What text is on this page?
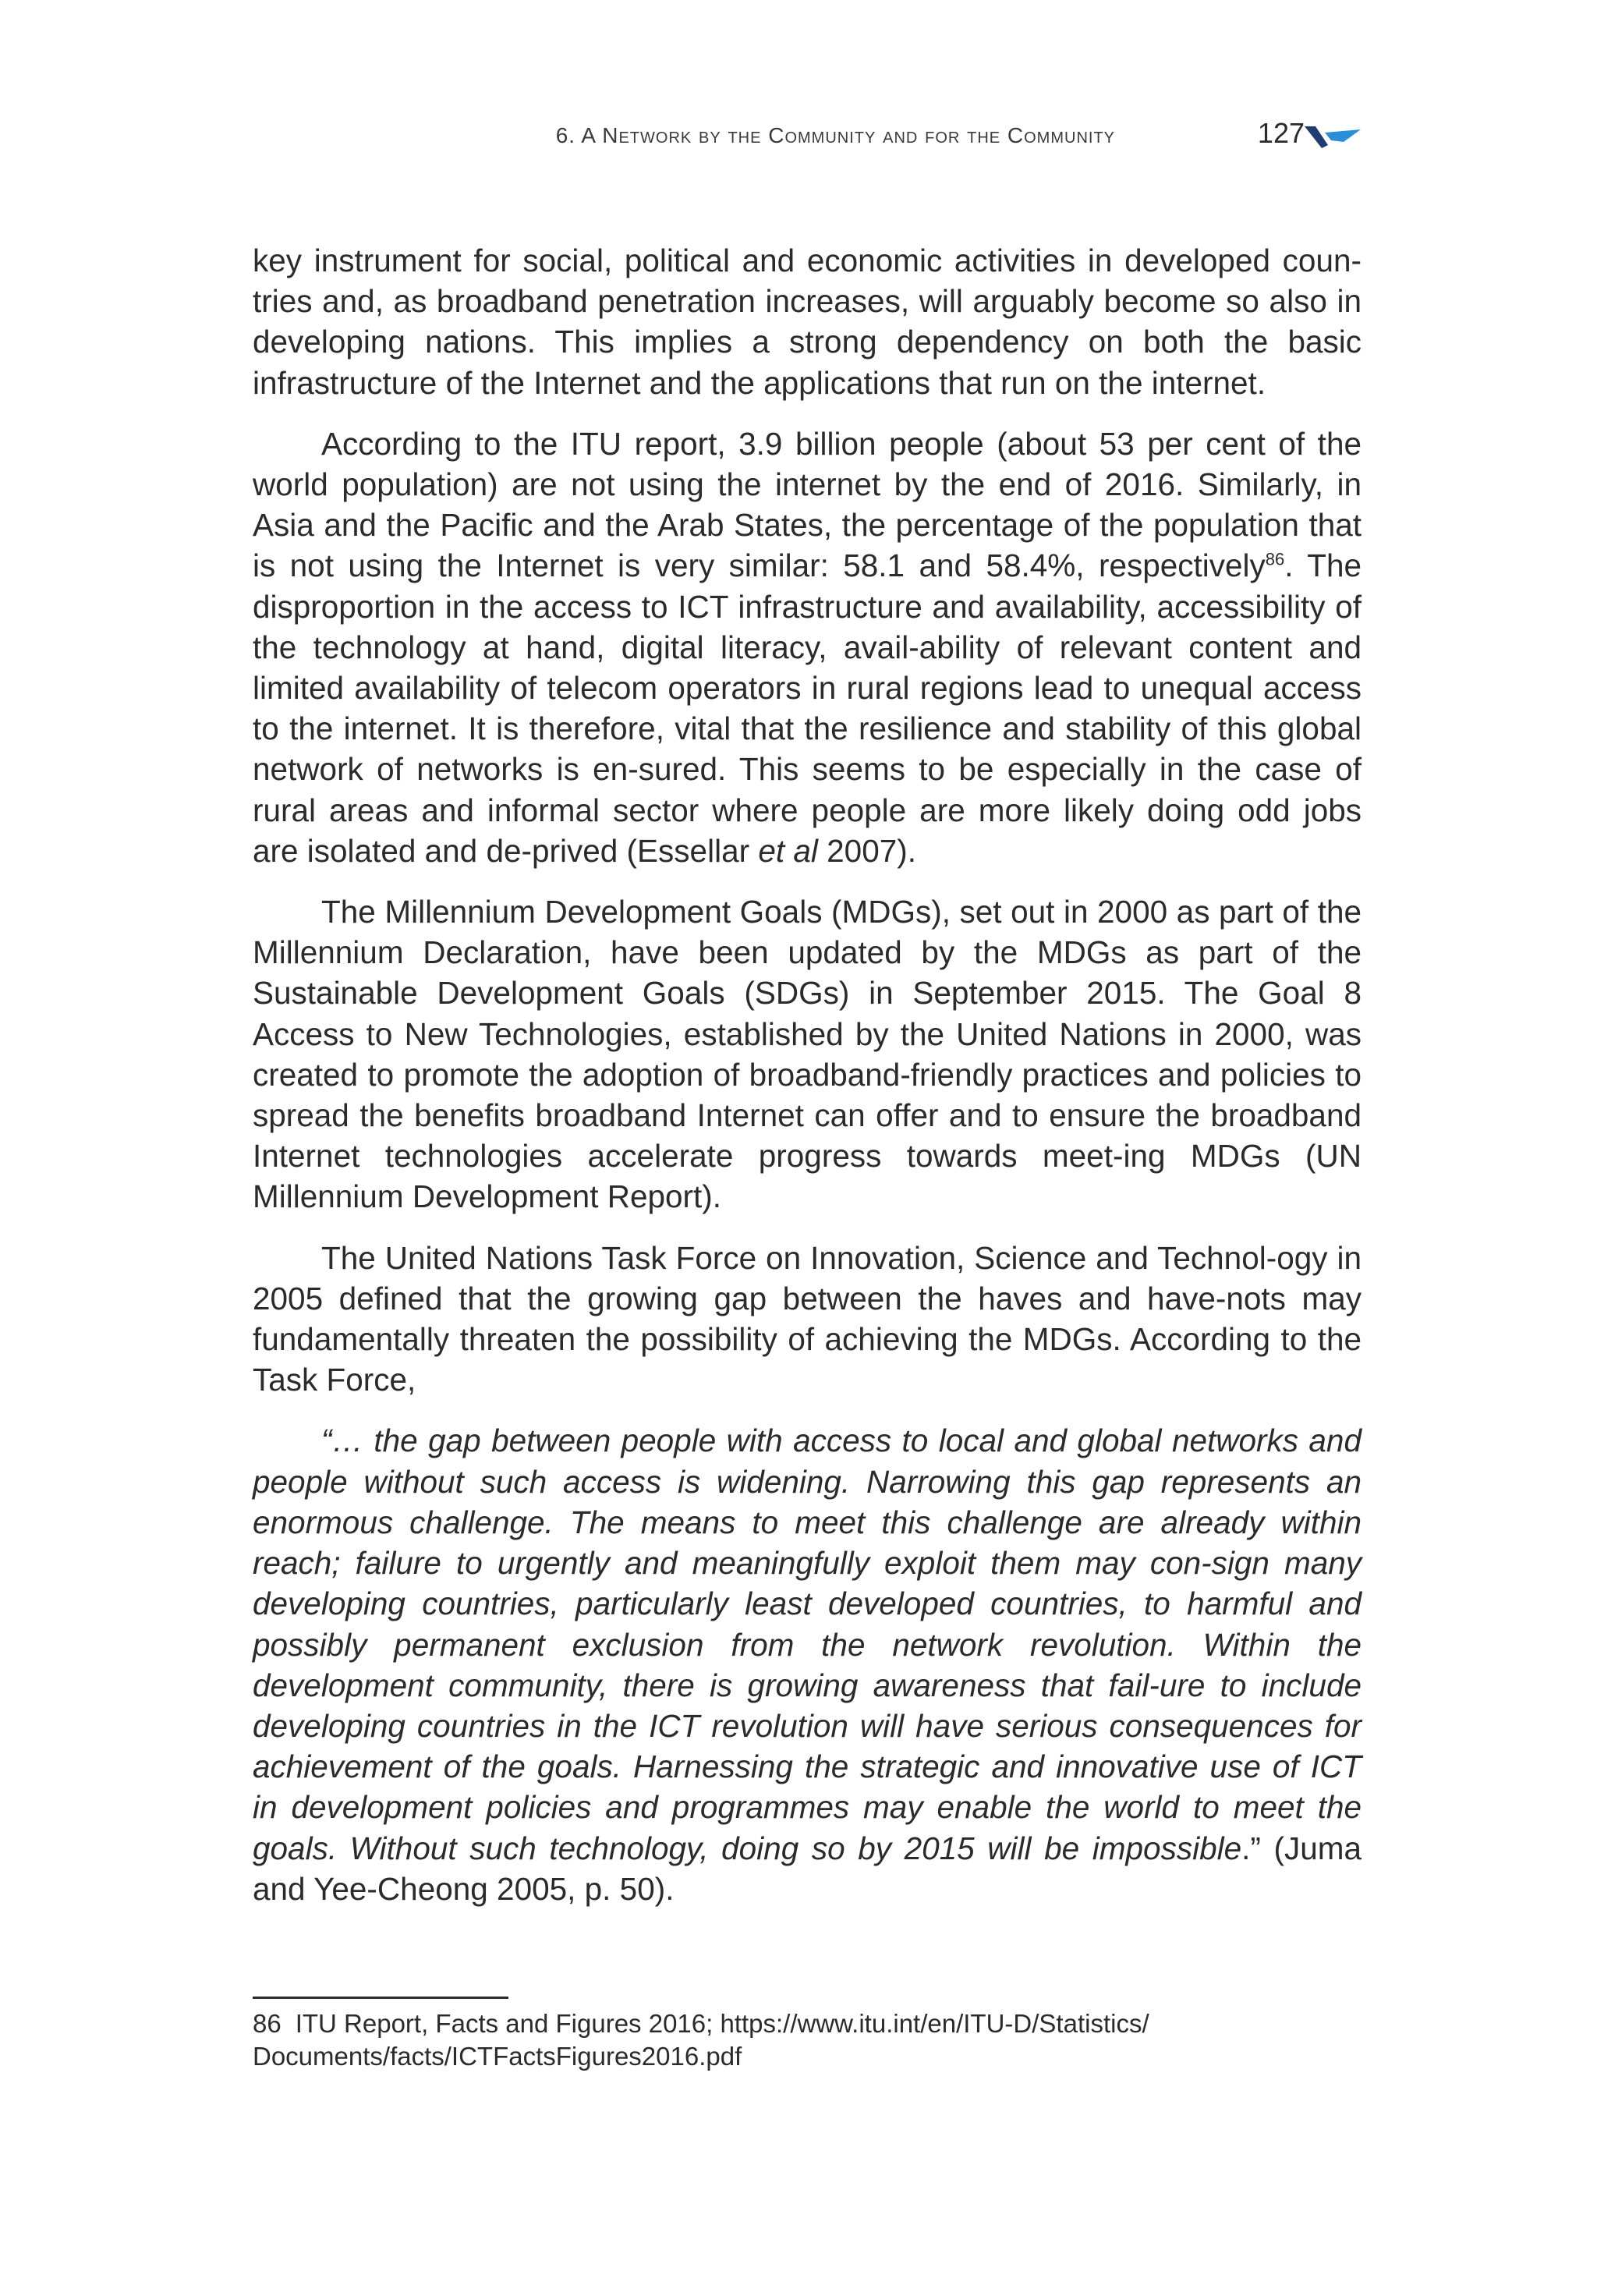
6. A Network by the Community and for the Community	127

key instrument for social, political and economic activities in developed coun-tries and, as broadband penetration increases, will arguably become so also in developing nations. This implies a strong dependency on both the basic infrastructure of the Internet and the applications that run on the internet.

According to the ITU report, 3.9 billion people (about 53 per cent of the world population) are not using the internet by the end of 2016. Similarly, in Asia and the Pacific and the Arab States, the percentage of the population that is not using the Internet is very similar: 58.1 and 58.4%, respectively$^{86}$. The disproportion in the access to ICT infrastructure and availability, accessibility of the technology at hand, digital literacy, avail-ability of relevant content and limited availability of telecom operators in rural regions lead to unequal access to the internet. It is therefore, vital that the resilience and stability of this global network of networks is en-sured. This seems to be especially in the case of rural areas and informal sector where people are more likely doing odd jobs are isolated and de-prived (Essellar et al 2007).

The Millennium Development Goals (MDGs), set out in 2000 as part of the Millennium Declaration, have been updated by the MDGs as part of the Sustainable Development Goals (SDGs) in September 2015. The Goal 8 Access to New Technologies, established by the United Nations in 2000, was created to promote the adoption of broadband-friendly practices and policies to spread the benefits broadband Internet can offer and to ensure the broadband Internet technologies accelerate progress towards meet-ing MDGs (UN Millennium Development Report).

The United Nations Task Force on Innovation, Science and Technol-ogy in 2005 defined that the growing gap between the haves and have-nots may fundamentally threaten the possibility of achieving the MDGs. According to the Task Force,

“… the gap between people with access to local and global networks and people without such access is widening. Narrowing this gap represents an enormous challenge. The means to meet this challenge are already within reach; failure to urgently and meaningfully exploit them may con-sign many developing countries, particularly least developed countries, to harmful and possibly permanent exclusion from the network revolution. Within the development community, there is growing awareness that fail-ure to include developing countries in the ICT revolution will have serious consequences for achievement of the goals. Harnessing the strategic and innovative use of ICT in development policies and programmes may enable the world to meet the goals. Without such technology, doing so by 2015 will be impossible.” (Juma and Yee-Cheong 2005, p. 50).

86 ITU Report, Facts and Figures 2016; https://www.itu.int/en/ITU-D/Statistics/ Documents/facts/ICTFactsFigures2016.pdf
